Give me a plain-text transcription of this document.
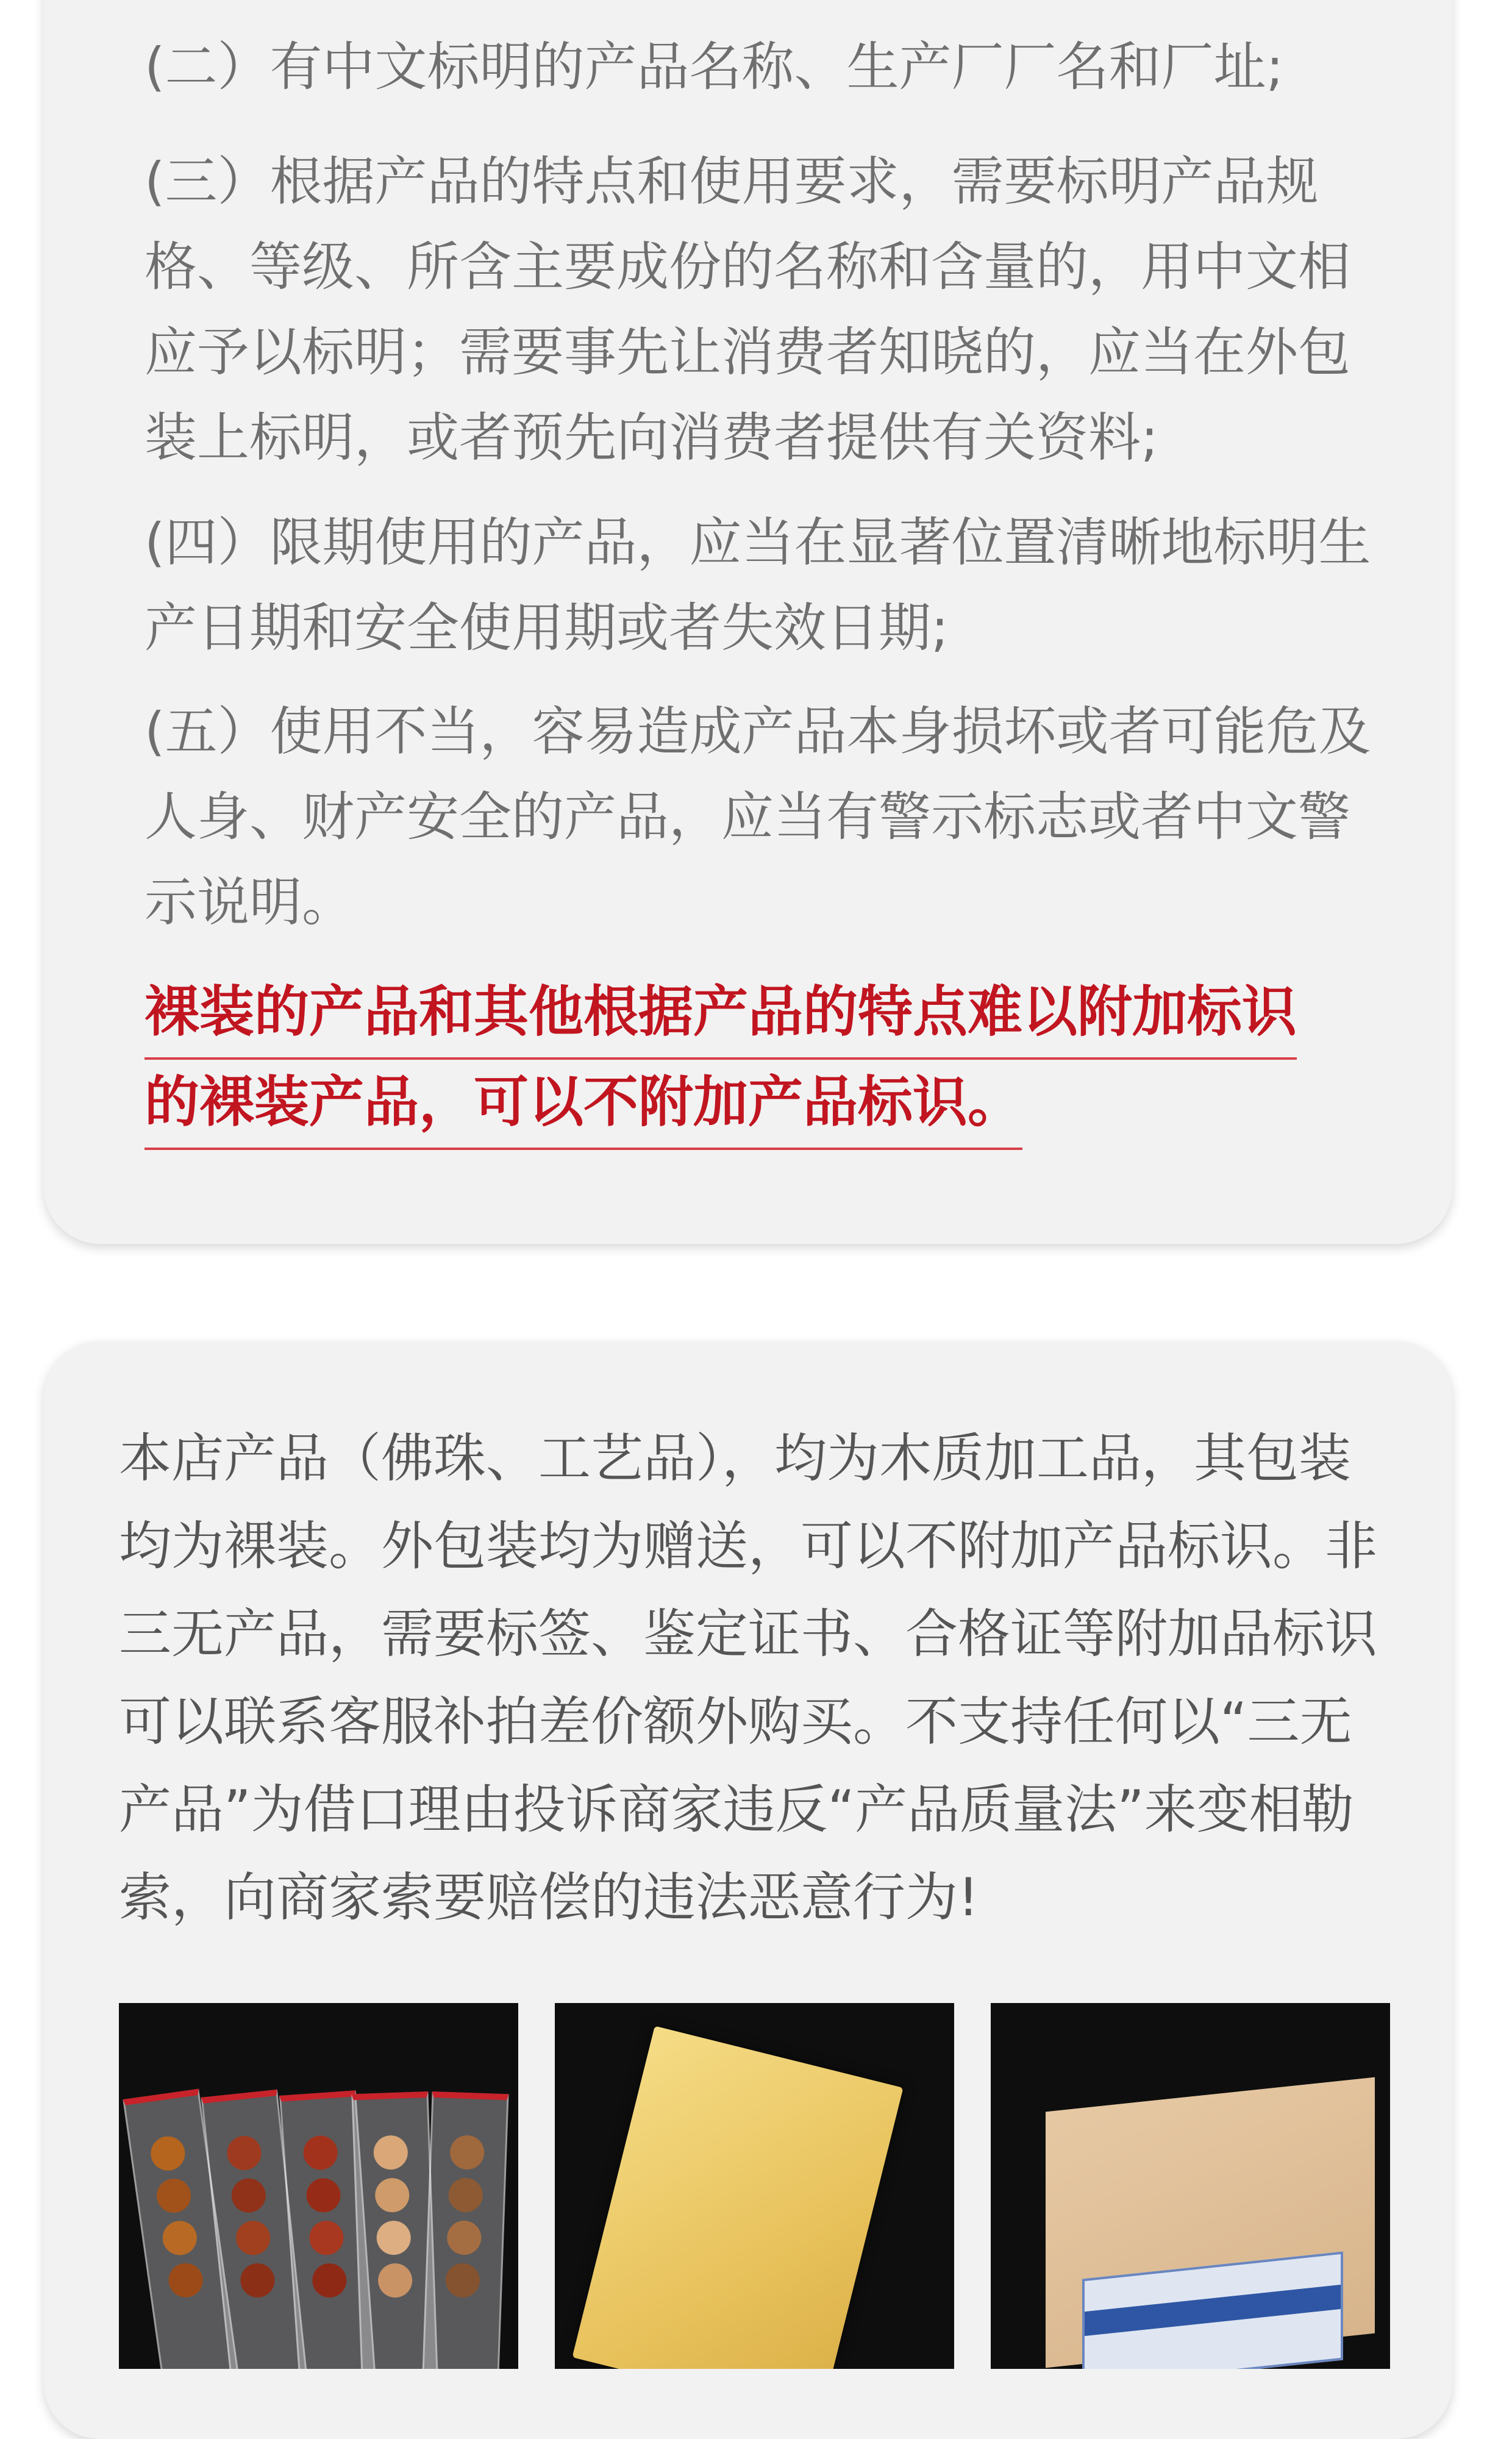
(二）有中文标明的产品名称、生产厂厂名和厂址;

(三）根据产品的特点和使用要求，需要标明产品规格、等级、所含主要成份的名称和含量的，用中文相应予以标明；需要事先让消费者知晓的，应当在外包装上标明，或者预先向消费者提供有关资料;

(四）限期使用的产品，应当在显著位置清晰地标明生产日期和安全使用期或者失效日期;

(五）使用不当，容易造成产品本身损坏或者可能危及人身、财产安全的产品，应当有警示标志或者中文警示说明。

裸装的产品和其他根据产品的特点难以附加标识
的裸装产品，可以不附加产品标识。

本店产品（佛珠、工艺品），均为木质加工品，其包装均为裸装。外包装均为赠送，可以不附加产品标识。非三无产品，需要标签、鉴定证书、合格证等附加品标识可以联系客服补拍差价额外购买。不支持任何以“三无产品”为借口理由投诉商家违反“产品质量法”来变相勒索，向商家索要赔偿的违法恶意行为!
